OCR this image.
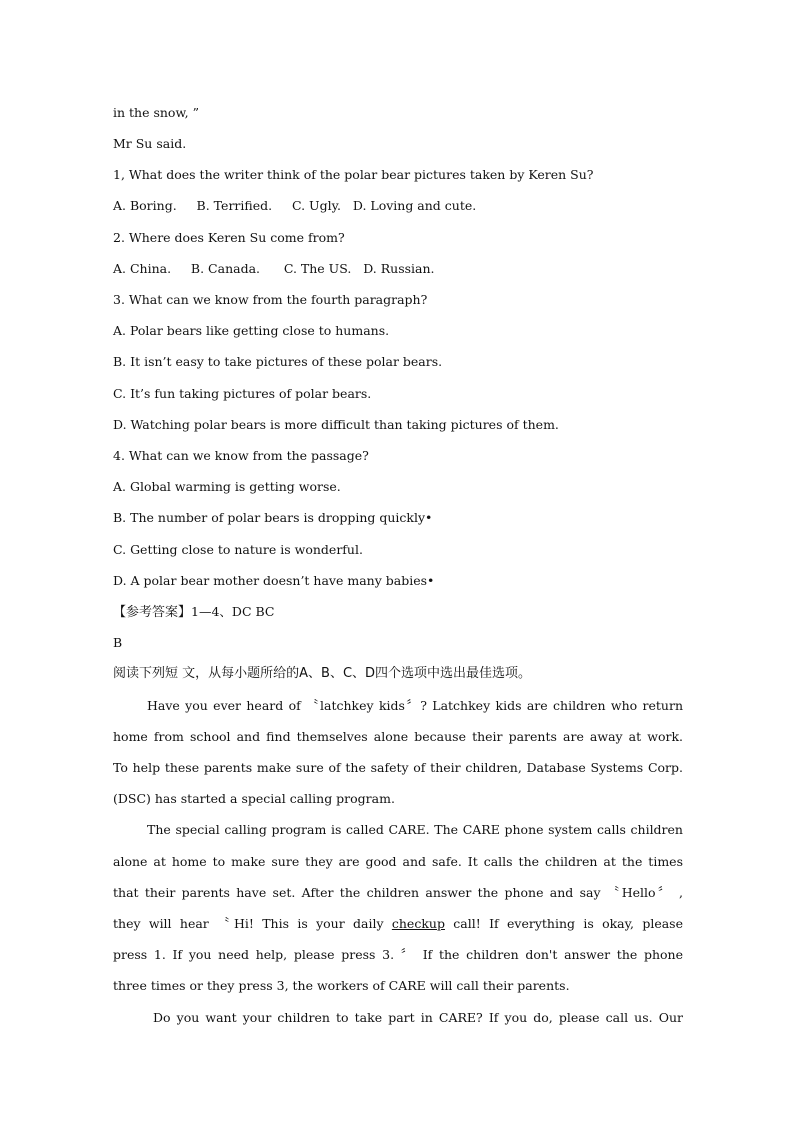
in the snow, ”
Mr Su said.
1, What does the writer think of the polar bear pictures taken by Keren Su?
A. Boring.     B. Terrified.     C. Ugly.   D. Loving and cute.
2. Where does Keren Su come from?
A. China.     B. Canada.      C. The US.   D. Russian.
3. What can we know from the fourth paragraph?
A. Polar bears like getting close to humans.
B. It isn’t easy to take pictures of these polar bears.
C. It’s fun taking pictures of polar bears.
D. Watching polar bears is more difficult than taking pictures of them.
4. What can we know from the passage?
A. Global warming is getting worse.
B. The number of polar bears is dropping quickly•
C. Getting close to nature is wonderful.
D. A polar bear mother doesn’t have many babies•
【参考答案】1—4、DC BC
B
阅读下列短 文，从每小题所给的A、B、C、D四个选项中选出最佳选项。
Have you ever heard of 〝latchkey kids〞? Latchkey kids are children who return
home from school and find themselves alone because their parents are away at work.
To help these parents make sure of the safety of their children, Database Systems Corp.
(DSC) has started a special calling program.
The special calling program is called CARE. The CARE phone system calls children
alone at home to make sure they are good and safe. It calls the children at the times
that their parents have set. After the children answer the phone and say 〝Hello〞 ,
they will hear 〝Hi! This is your daily checkup call! If everything is okay, please
press 1. If you need help, please press 3. 〞 If the children don't answer the phone
three times or they press 3, the workers of CARE will call their parents.
Do you want your children to take part in CARE? If you do, please call us. Our
